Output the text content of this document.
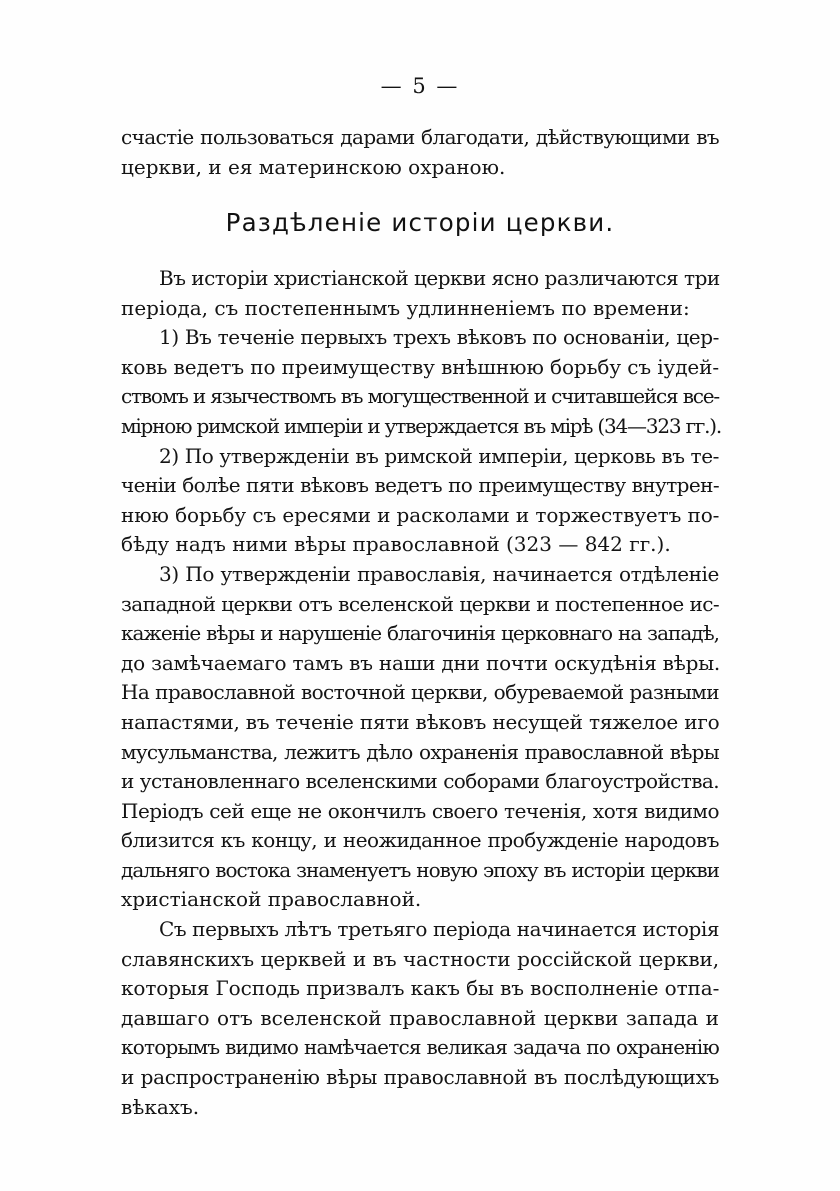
— 5 —
счастіе пользоваться дарами благодати, дѣйствующими въ
церкви, и ея материнскою охраною.
Раздѣленіе исторіи церкви.
Въ исторіи христіанской церкви ясно различаются три
періода, съ постепеннымъ удлинненіемъ по времени:
1) Въ теченіе первыхъ трехъ вѣковъ по основаніи, цер-
ковь ведетъ по преимуществу внѣшнюю борьбу съ іудей-
ствомъ и язычествомъ въ могущественной и считавшейся все-
мірною римской имперіи и утверждается въ мірѣ (34—323 гг.).
2) По утвержденіи въ римской имперіи, церковь въ те-
ченіи болѣе пяти вѣковъ ведетъ по преимуществу внутрен-
нюю борьбу съ ересями и расколами и торжествуетъ по-
бѣду надъ ними вѣры православной (323 — 842 гг.).
3) По утвержденіи православія, начинается отдѣленіе
западной церкви отъ вселенской церкви и постепенное ис-
каженіе вѣры и нарушеніе благочинія церковнаго на западѣ,
до замѣчаемаго тамъ въ наши дни почти оскудѣнія вѣры.
На православной восточной церкви, обуреваемой разными
напастями, въ теченіе пяти вѣковъ несущей тяжелое иго
мусульманства, лежитъ дѣло охраненія православной вѣры
и установленнаго вселенскими соборами благоустройства.
Періодъ сей еще не окончилъ своего теченія, хотя видимо
близится къ концу, и неожиданное пробужденіе народовъ
дальняго востока знаменуетъ новую эпоху въ исторіи церкви
христіанской православной.
Съ первыхъ лѣтъ третьяго періода начинается исторія
славянскихъ церквей и въ частности россійской церкви,
которыя Господь призвалъ какъ бы въ восполненіе отпа-
давшаго отъ вселенской православной церкви запада и
которымъ видимо намѣчается великая задача по охраненію
и распространенію вѣры православной въ послѣдующихъ
вѣкахъ.
